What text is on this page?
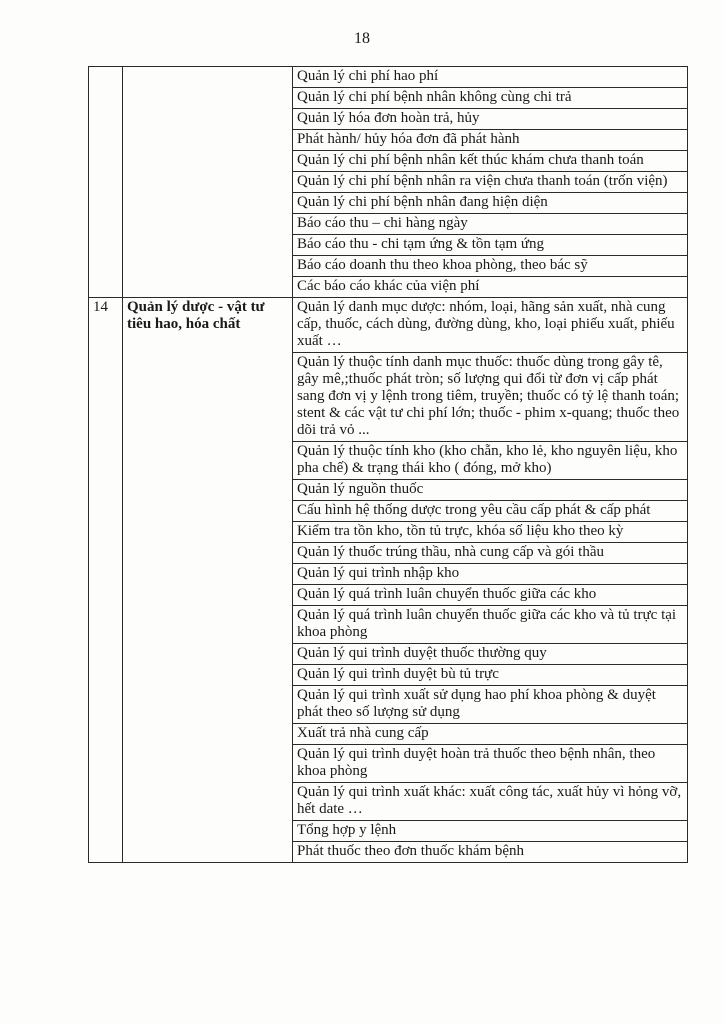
18
		Quản lý chi phí hao phí
		Quản lý chi phí bệnh nhân không cùng chi trả
		Quản lý hóa đơn hoàn trả, hủy
		Phát hành/ hủy hóa đơn đã phát hành
		Quản lý chi phí bệnh nhân kết thúc khám chưa thanh toán
		Quản lý chi phí bệnh nhân ra viện chưa thanh toán (trốn viện)
		Quản lý chi phí bệnh nhân đang hiện diện
		Báo cáo thu – chi hàng ngày
		Báo cáo thu - chi tạm ứng & tồn tạm ứng
		Báo cáo doanh thu theo khoa phòng, theo bác sỹ
		Các báo cáo khác của viện phí
14	Quản lý dược - vật tư tiêu hao, hóa chất	Quản lý danh mục dược: nhóm, loại, hãng sản xuất, nhà cung cấp, thuốc, cách dùng, đường dùng, kho, loại phiếu xuất, phiếu xuất …
		Quản lý thuộc tính danh mục thuốc: thuốc dùng trong gây tê, gây mê,;thuốc phát tròn; số lượng qui đổi từ đơn vị cấp phát sang đơn vị y lệnh trong tiêm, truyền; thuốc có tỷ lệ thanh toán; stent & các vật tư chi phí lớn; thuốc - phim x-quang; thuốc theo dõi trả vỏ ...
		Quản lý thuộc tính kho (kho chẵn, kho lẻ, kho nguyên liệu, kho pha chế) & trạng thái kho ( đóng, mở kho)
		Quản lý nguồn thuốc
		Cấu hình hệ thống dược trong yêu cầu cấp phát & cấp phát
		Kiểm tra tồn kho, tồn tủ trực, khóa số liệu kho theo kỳ
		Quản lý thuốc trúng thầu, nhà cung cấp và gói thầu
		Quản lý qui trình nhập kho
		Quản lý quá trình luân chuyển thuốc giữa các kho
		Quản lý quá trình luân chuyển thuốc giữa các kho và tủ trực tại khoa phòng
		Quản lý qui trình duyệt thuốc thường quy
		Quản lý qui trình duyệt bù tủ trực
		Quản lý qui trình xuất sử dụng hao phí khoa phòng & duyệt phát theo số lượng sử dụng
		Xuất trả nhà cung cấp
		Quản lý qui trình duyệt hoàn trả thuốc theo bệnh nhân, theo khoa phòng
		Quản lý qui trình xuất khác: xuất công tác, xuất hủy vì hỏng vỡ, hết date …
		Tổng hợp y lệnh
		Phát thuốc theo đơn thuốc khám bệnh
